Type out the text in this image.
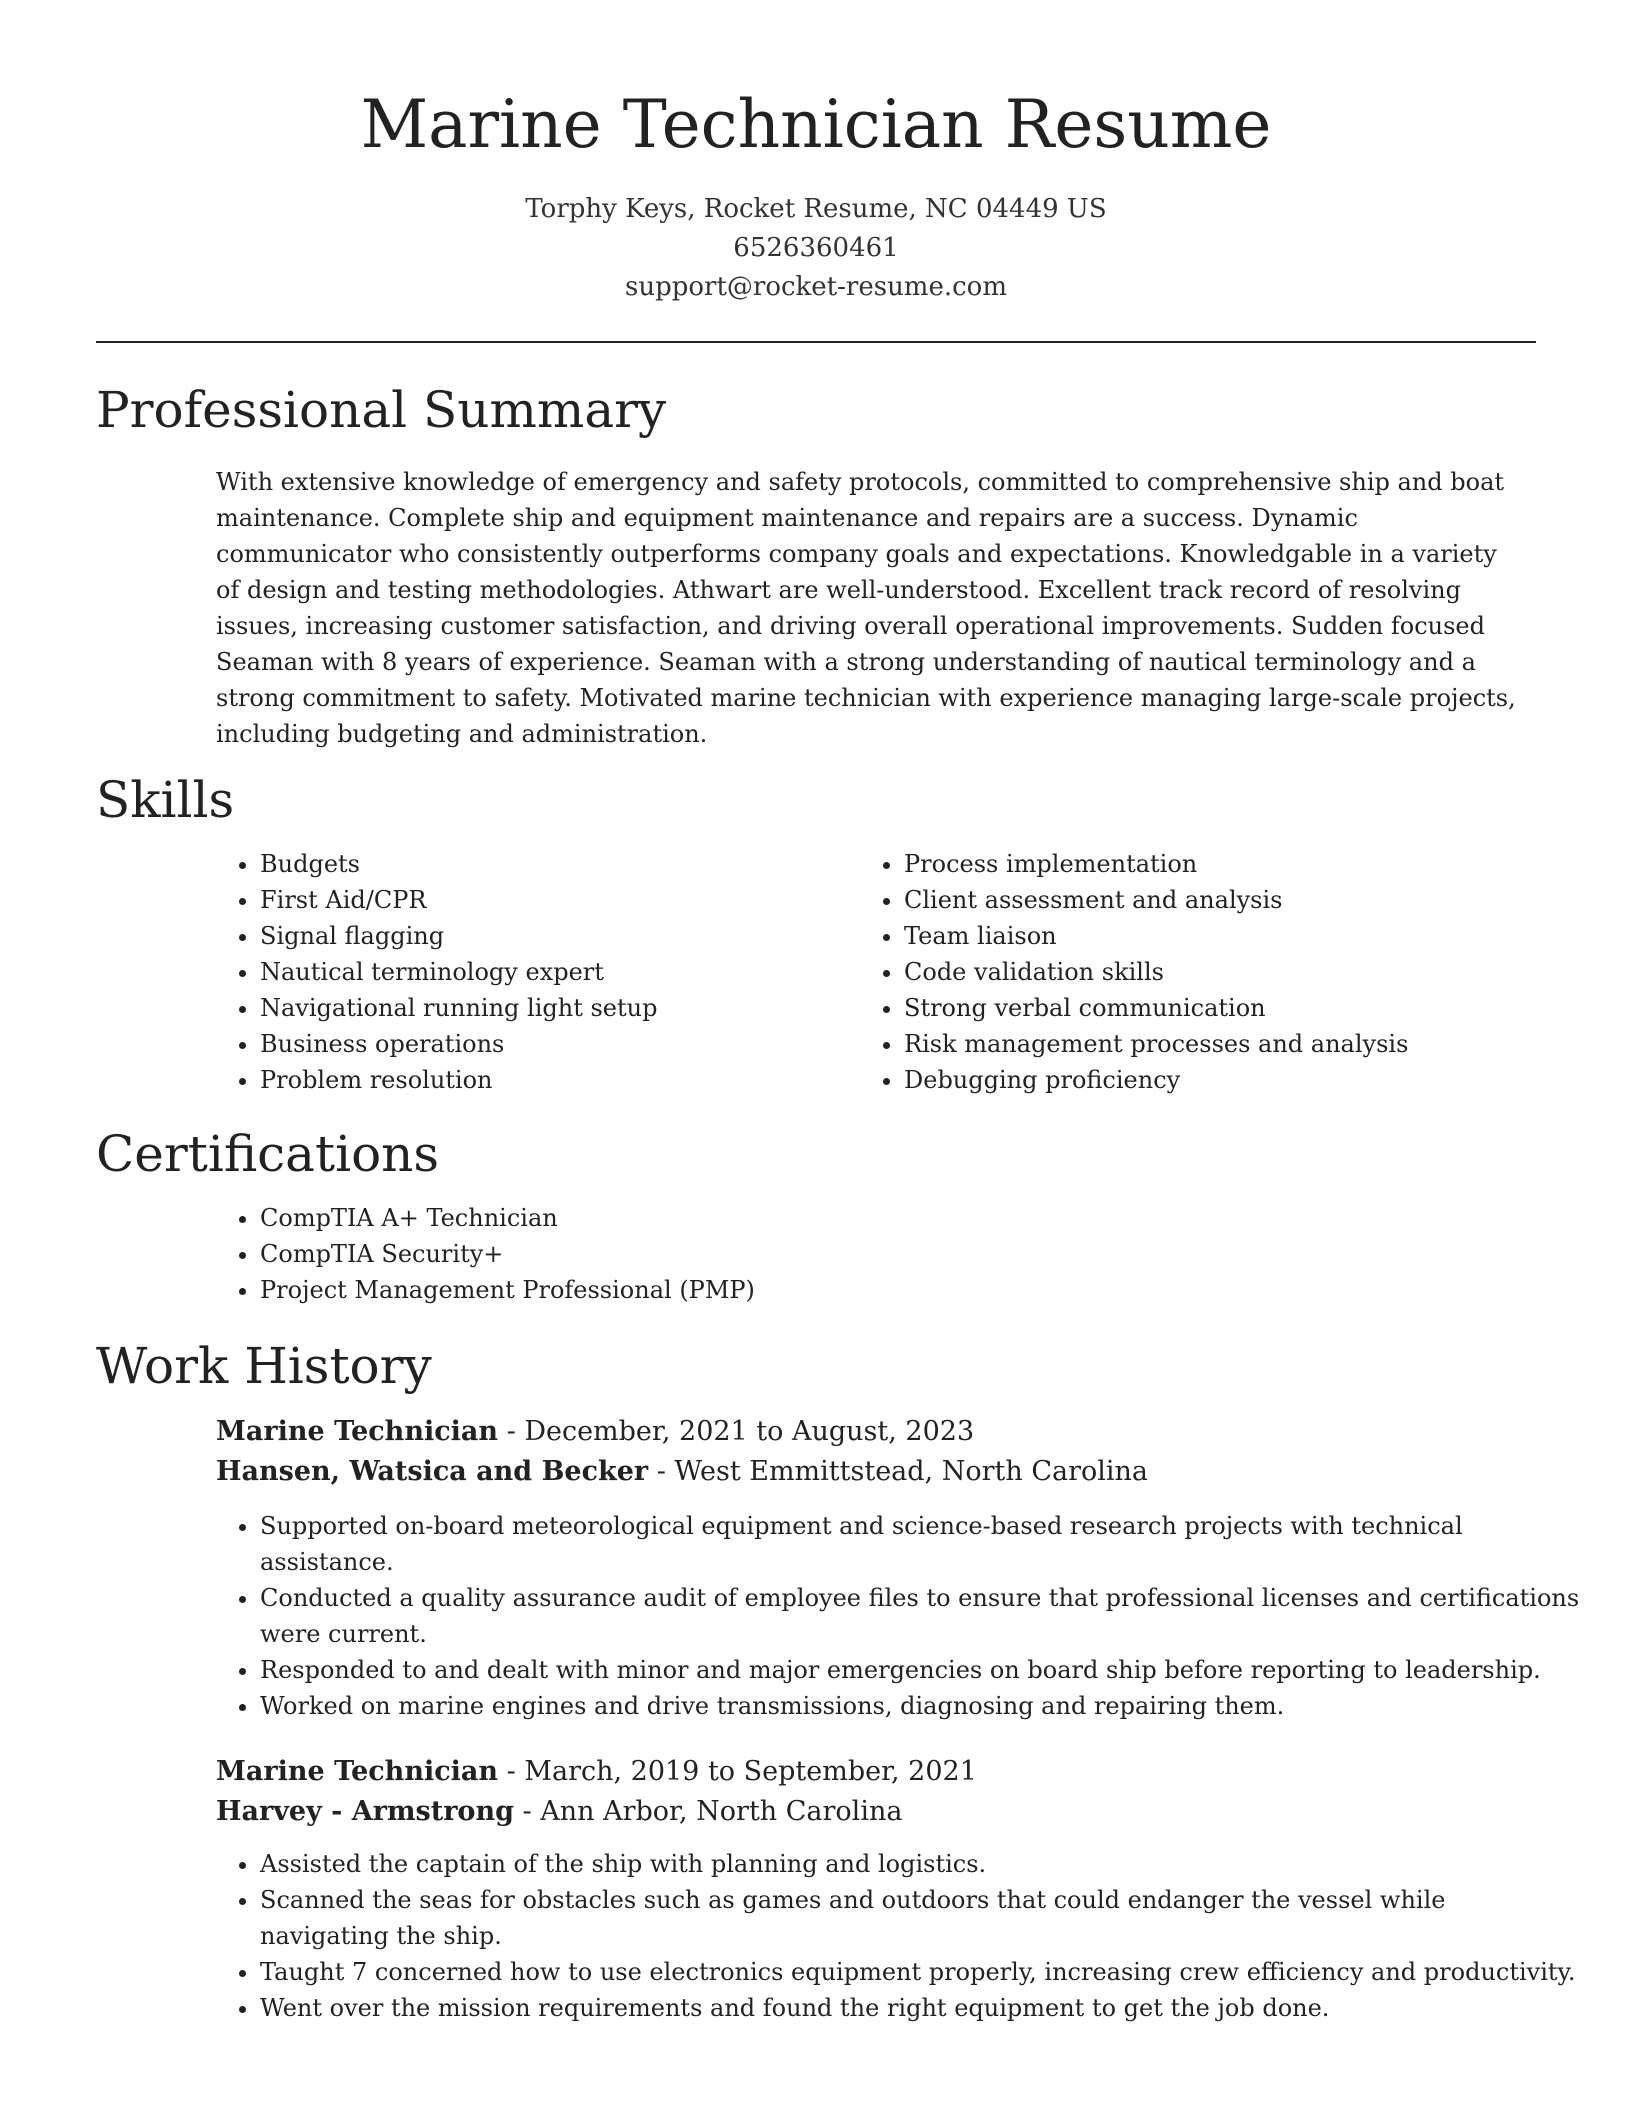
Marine Technician Resume
Torphy Keys, Rocket Resume, NC 04449 US
6526360461
support@rocket-resume.com
Professional Summary

With extensive knowledge of emergency and safety protocols, committed to comprehensive ship and boat maintenance. Complete ship and equipment maintenance and repairs are a success. Dynamic communicator who consistently outperforms company goals and expectations. Knowledgable in a variety of design and testing methodologies. Athwart are well-understood. Excellent track record of resolving issues, increasing customer satisfaction, and driving overall operational improvements. Sudden focused Seaman with 8 years of experience. Seaman with a strong understanding of nautical terminology and a strong commitment to safety. Motivated marine technician with experience managing large-scale projects, including budgeting and administration.

Skills
• Budgets
• First Aid/CPR
• Signal flagging
• Nautical terminology expert
• Navigational running light setup
• Business operations
• Problem resolution
• Process implementation
• Client assessment and analysis
• Team liaison
• Code validation skills
• Strong verbal communication
• Risk management processes and analysis
• Debugging proficiency
Certifications
• CompTIA A+ Technician
• CompTIA Security+
• Project Management Professional (PMP)
Work History
Marine Technician - December, 2021 to August, 2023
Hansen, Watsica and Becker - West Emmittstead, North Carolina
• Supported on-board meteorological equipment and science-based research projects with technical assistance.
• Conducted a quality assurance audit of employee files to ensure that professional licenses and certifications were current.
• Responded to and dealt with minor and major emergencies on board ship before reporting to leadership.
• Worked on marine engines and drive transmissions, diagnosing and repairing them.
Marine Technician - March, 2019 to September, 2021
Harvey - Armstrong - Ann Arbor, North Carolina
• Assisted the captain of the ship with planning and logistics.
• Scanned the seas for obstacles such as games and outdoors that could endanger the vessel while navigating the ship.
• Taught 7 concerned how to use electronics equipment properly, increasing crew efficiency and productivity.
• Went over the mission requirements and found the right equipment to get the job done.
